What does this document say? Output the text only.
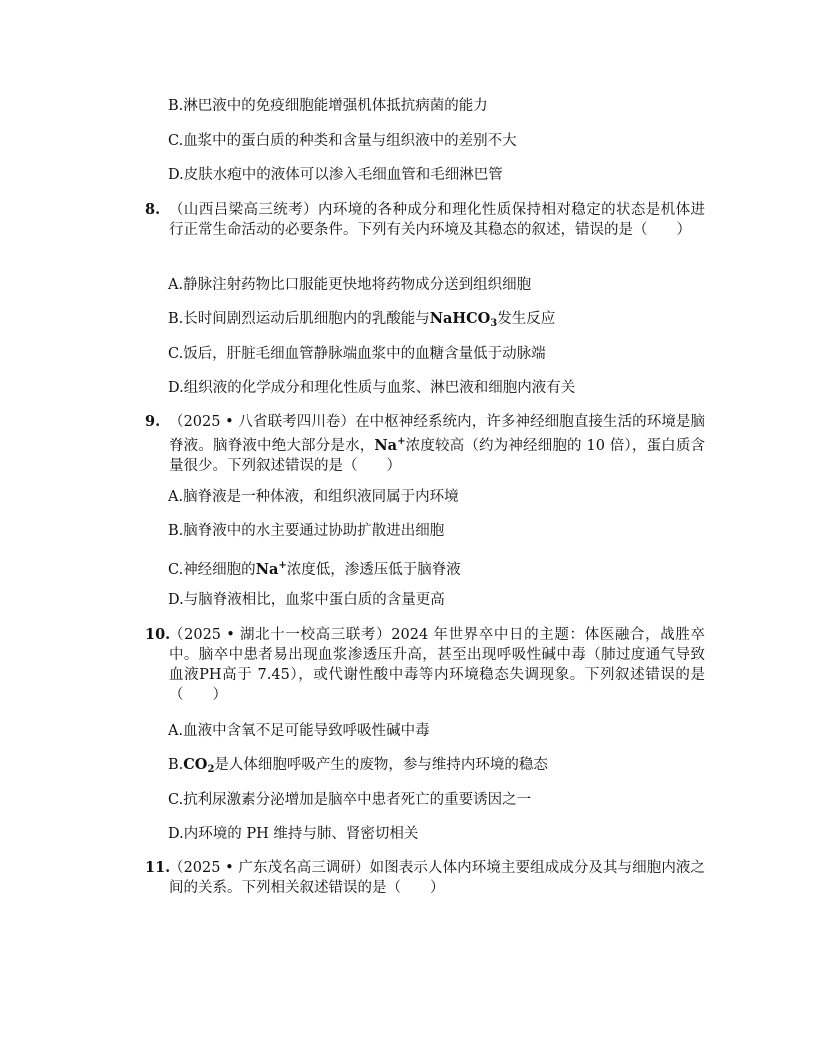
B.淋巴液中的免疫细胞能增强机体抵抗病菌的能力
C.血浆中的蛋白质的种类和含量与组织液中的差别不大
D.皮肤水疱中的液体可以渗入毛细血管和毛细淋巴管
8. （山西吕梁高三统考）内环境的各种成分和理化性质保持相对稳定的状态是机体进行正常生命活动的必要条件。下列有关内环境及其稳态的叙述，错误的是（　　）
A.静脉注射药物比口服能更快地将药物成分送到组织细胞
B.长时间剧烈运动后肌细胞内的乳酸能与NaHCO$_3$发生反应
C.饭后，肝脏毛细血管静脉端血浆中的血糖含量低于动脉端
D.组织液的化学成分和理化性质与血浆、淋巴液和细胞内液有关
9. （2025 • 八省联考四川卷）在中枢神经系统内，许多神经细胞直接生活的环境是脑脊液。脑脊液中绝大部分是水，Na+浓度较高（约为神经细胞的 10 倍），蛋白质含量很少。下列叙述错误的是（　　）
A.脑脊液是一种体液，和组织液同属于内环境
B.脑脊液中的水主要通过协助扩散进出细胞
C.神经细胞的Na+浓度低，渗透压低于脑脊液
D.与脑脊液相比，血浆中蛋白质的含量更高
10.
（2025 • 湖北十一校高三联考）2024 年世界卒中日的主题：体医融合，战胜卒中。脑卒中患者易出现血浆渗透压升高，甚至出现呼吸性碱中毒（肺过度通气导致血液PH高于 7.45），或代谢性酸中毒等内环境稳态失调现象。下列叙述错误的是（　　）
A.血液中含氧不足可能导致呼吸性碱中毒
$B.CO_2$是人体细胞呼吸产生的废物，参与维持内环境的稳态
C.抗利尿激素分泌增加是脑卒中患者死亡的重要诱因之一
D.内环境的 PH 维持与肺、肾密切相关
11.
（2025 • 广东茂名高三调研）如图表示人体内环境主要组成成分及其与细胞内液之间的关系。下列相关叙述错误的是（　　）
